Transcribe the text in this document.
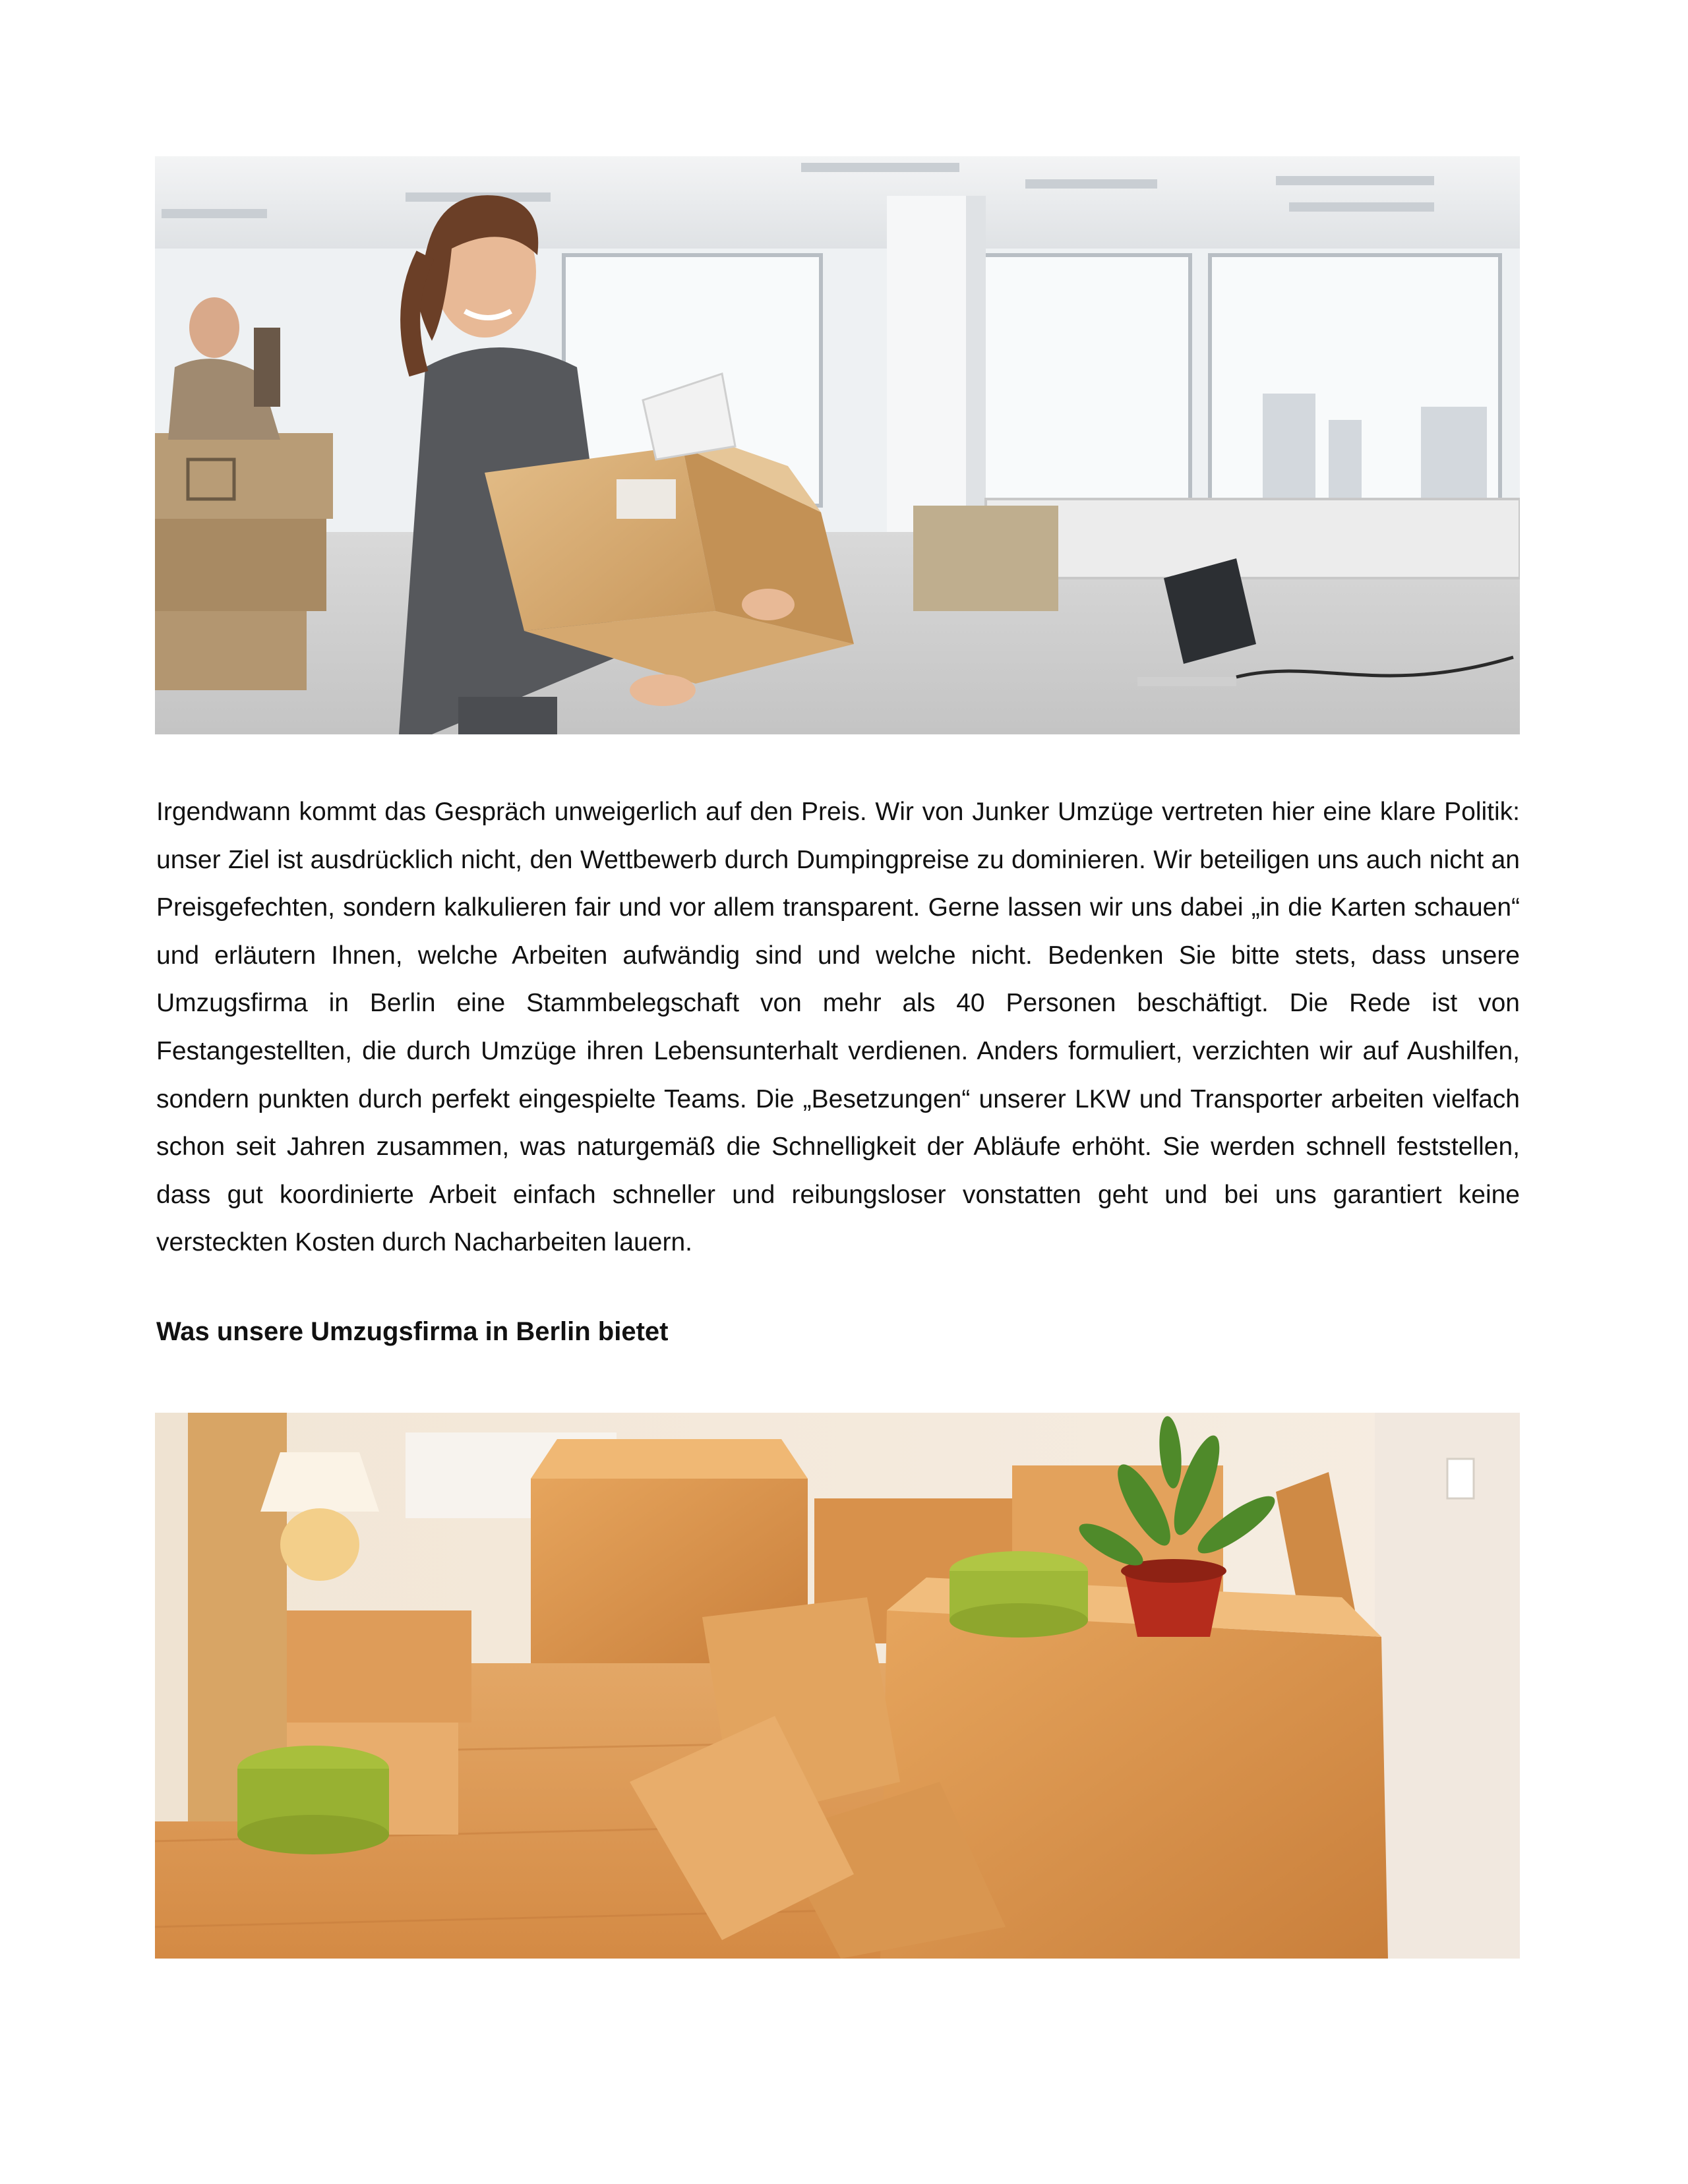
Irgendwann kommt das Gespräch unweigerlich auf den Preis. Wir von Junker Umzüge vertreten hier eine klare Politik: unser Ziel ist ausdrücklich nicht, den Wettbewerb durch Dumpingpreise zu dominieren. Wir beteiligen uns auch nicht an Preisgefechten, sondern kalkulieren fair und vor allem transparent. Gerne lassen wir uns dabei „in die Karten schauen“ und erläutern Ihnen, welche Arbeiten aufwändig sind und welche nicht. Bedenken Sie bitte stets, dass unsere Umzugsfirma in Berlin eine Stammbelegschaft von mehr als 40 Personen beschäftigt. Die Rede ist von Festangestellten, die durch Umzüge ihren Lebensunterhalt verdienen. Anders formuliert, verzichten wir auf Aushilfen, sondern punkten durch perfekt eingespielte Teams. Die „Besetzungen“ unserer LKW und Transporter arbeiten vielfach schon seit Jahren zusammen, was naturgemäß die Schnelligkeit der Abläufe erhöht. Sie werden schnell feststellen, dass gut koordinierte Arbeit einfach schneller und reibungsloser vonstatten geht und bei uns garantiert keine versteckten Kosten durch Nacharbeiten lauern.

Was unsere Umzugsfirma in Berlin bietet
